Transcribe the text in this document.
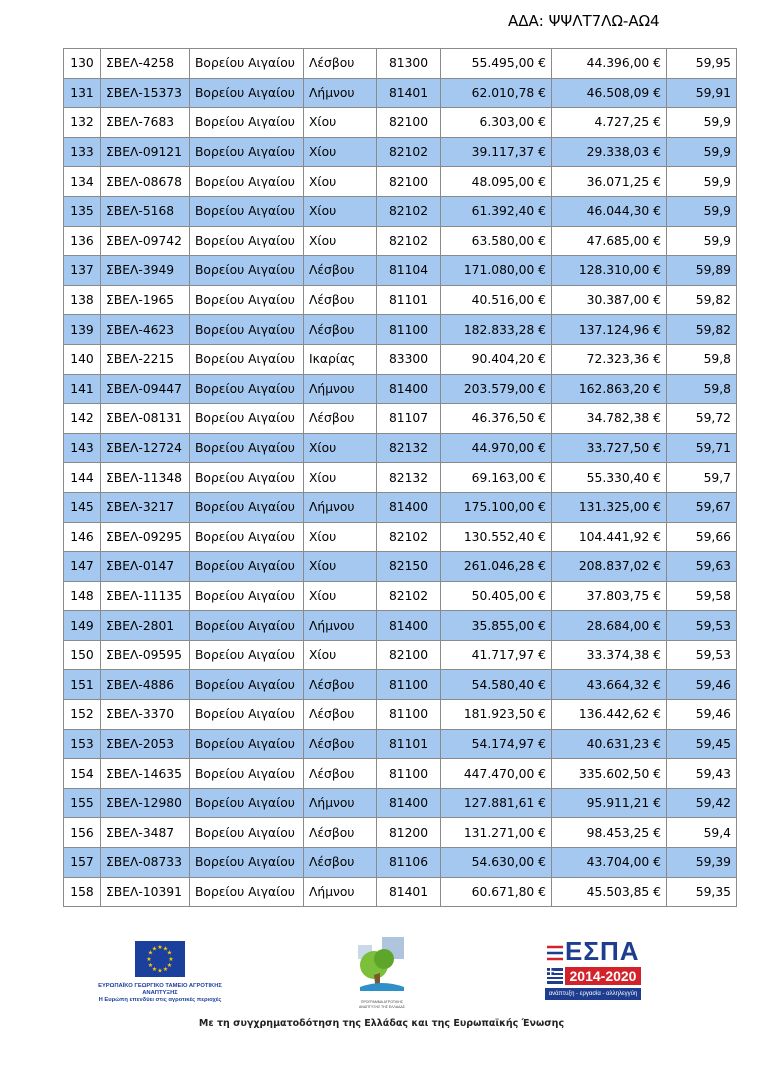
ΑΔΑ: ΨΨΛΤ7ΛΩ-ΑΩ4
130	ΣΒΕΛ-4258	Βορείου Αιγαίου	Λέσβου	81300	55.495,00 €	44.396,00 €	59,95
131	ΣΒΕΛ-15373	Βορείου Αιγαίου	Λήμνου	81401	62.010,78 €	46.508,09 €	59,91
132	ΣΒΕΛ-7683	Βορείου Αιγαίου	Χίου	82100	6.303,00 €	4.727,25 €	59,9
133	ΣΒΕΛ-09121	Βορείου Αιγαίου	Χίου	82102	39.117,37 €	29.338,03 €	59,9
134	ΣΒΕΛ-08678	Βορείου Αιγαίου	Χίου	82100	48.095,00 €	36.071,25 €	59,9
135	ΣΒΕΛ-5168	Βορείου Αιγαίου	Χίου	82102	61.392,40 €	46.044,30 €	59,9
136	ΣΒΕΛ-09742	Βορείου Αιγαίου	Χίου	82102	63.580,00 €	47.685,00 €	59,9
137	ΣΒΕΛ-3949	Βορείου Αιγαίου	Λέσβου	81104	171.080,00 €	128.310,00 €	59,89
138	ΣΒΕΛ-1965	Βορείου Αιγαίου	Λέσβου	81101	40.516,00 €	30.387,00 €	59,82
139	ΣΒΕΛ-4623	Βορείου Αιγαίου	Λέσβου	81100	182.833,28 €	137.124,96 €	59,82
140	ΣΒΕΛ-2215	Βορείου Αιγαίου	Ικαρίας	83300	90.404,20 €	72.323,36 €	59,8
141	ΣΒΕΛ-09447	Βορείου Αιγαίου	Λήμνου	81400	203.579,00 €	162.863,20 €	59,8
142	ΣΒΕΛ-08131	Βορείου Αιγαίου	Λέσβου	81107	46.376,50 €	34.782,38 €	59,72
143	ΣΒΕΛ-12724	Βορείου Αιγαίου	Χίου	82132	44.970,00 €	33.727,50 €	59,71
144	ΣΒΕΛ-11348	Βορείου Αιγαίου	Χίου	82132	69.163,00 €	55.330,40 €	59,7
145	ΣΒΕΛ-3217	Βορείου Αιγαίου	Λήμνου	81400	175.100,00 €	131.325,00 €	59,67
146	ΣΒΕΛ-09295	Βορείου Αιγαίου	Χίου	82102	130.552,40 €	104.441,92 €	59,66
147	ΣΒΕΛ-0147	Βορείου Αιγαίου	Χίου	82150	261.046,28 €	208.837,02 €	59,63
148	ΣΒΕΛ-11135	Βορείου Αιγαίου	Χίου	82102	50.405,00 €	37.803,75 €	59,58
149	ΣΒΕΛ-2801	Βορείου Αιγαίου	Λήμνου	81400	35.855,00 €	28.684,00 €	59,53
150	ΣΒΕΛ-09595	Βορείου Αιγαίου	Χίου	82100	41.717,97 €	33.374,38 €	59,53
151	ΣΒΕΛ-4886	Βορείου Αιγαίου	Λέσβου	81100	54.580,40 €	43.664,32 €	59,46
152	ΣΒΕΛ-3370	Βορείου Αιγαίου	Λέσβου	81100	181.923,50 €	136.442,62 €	59,46
153	ΣΒΕΛ-2053	Βορείου Αιγαίου	Λέσβου	81101	54.174,97 €	40.631,23 €	59,45
154	ΣΒΕΛ-14635	Βορείου Αιγαίου	Λέσβου	81100	447.470,00 €	335.602,50 €	59,43
155	ΣΒΕΛ-12980	Βορείου Αιγαίου	Λήμνου	81400	127.881,61 €	95.911,21 €	59,42
156	ΣΒΕΛ-3487	Βορείου Αιγαίου	Λέσβου	81200	131.271,00 €	98.453,25 €	59,4
157	ΣΒΕΛ-08733	Βορείου Αιγαίου	Λέσβου	81106	54.630,00 €	43.704,00 €	59,39
158	ΣΒΕΛ-10391	Βορείου Αιγαίου	Λήμνου	81401	60.671,80 €	45.503,85 €	59,35
★ ★
★
★
★
★
★
★
★
★
★
★
ΕΥΡΩΠΑΪΚΟ ΓΕΩΡΓΙΚΟ ΤΑΜΕΙΟ ΑΓΡΟΤΙΚΗΣ ΑΝΑΠΤΥΞΗΣ
Η Ευρώπη επενδύει στις αγροτικές περιοχές	ΠΡΟΓΡΑΜΜΑ ΑΓΡΟΤΙΚΗΣ ΑΝΑΠΤΥΞΗΣ ΤΗΣ ΕΛΛΑΔΑΣ
ΕΣΠΑ
2014-2020
ανάπτυξη - εργασία - αλληλεγγύη
Με τη συγχρηματοδότηση της Ελλάδας και της Ευρωπαϊκής Ένωσης
